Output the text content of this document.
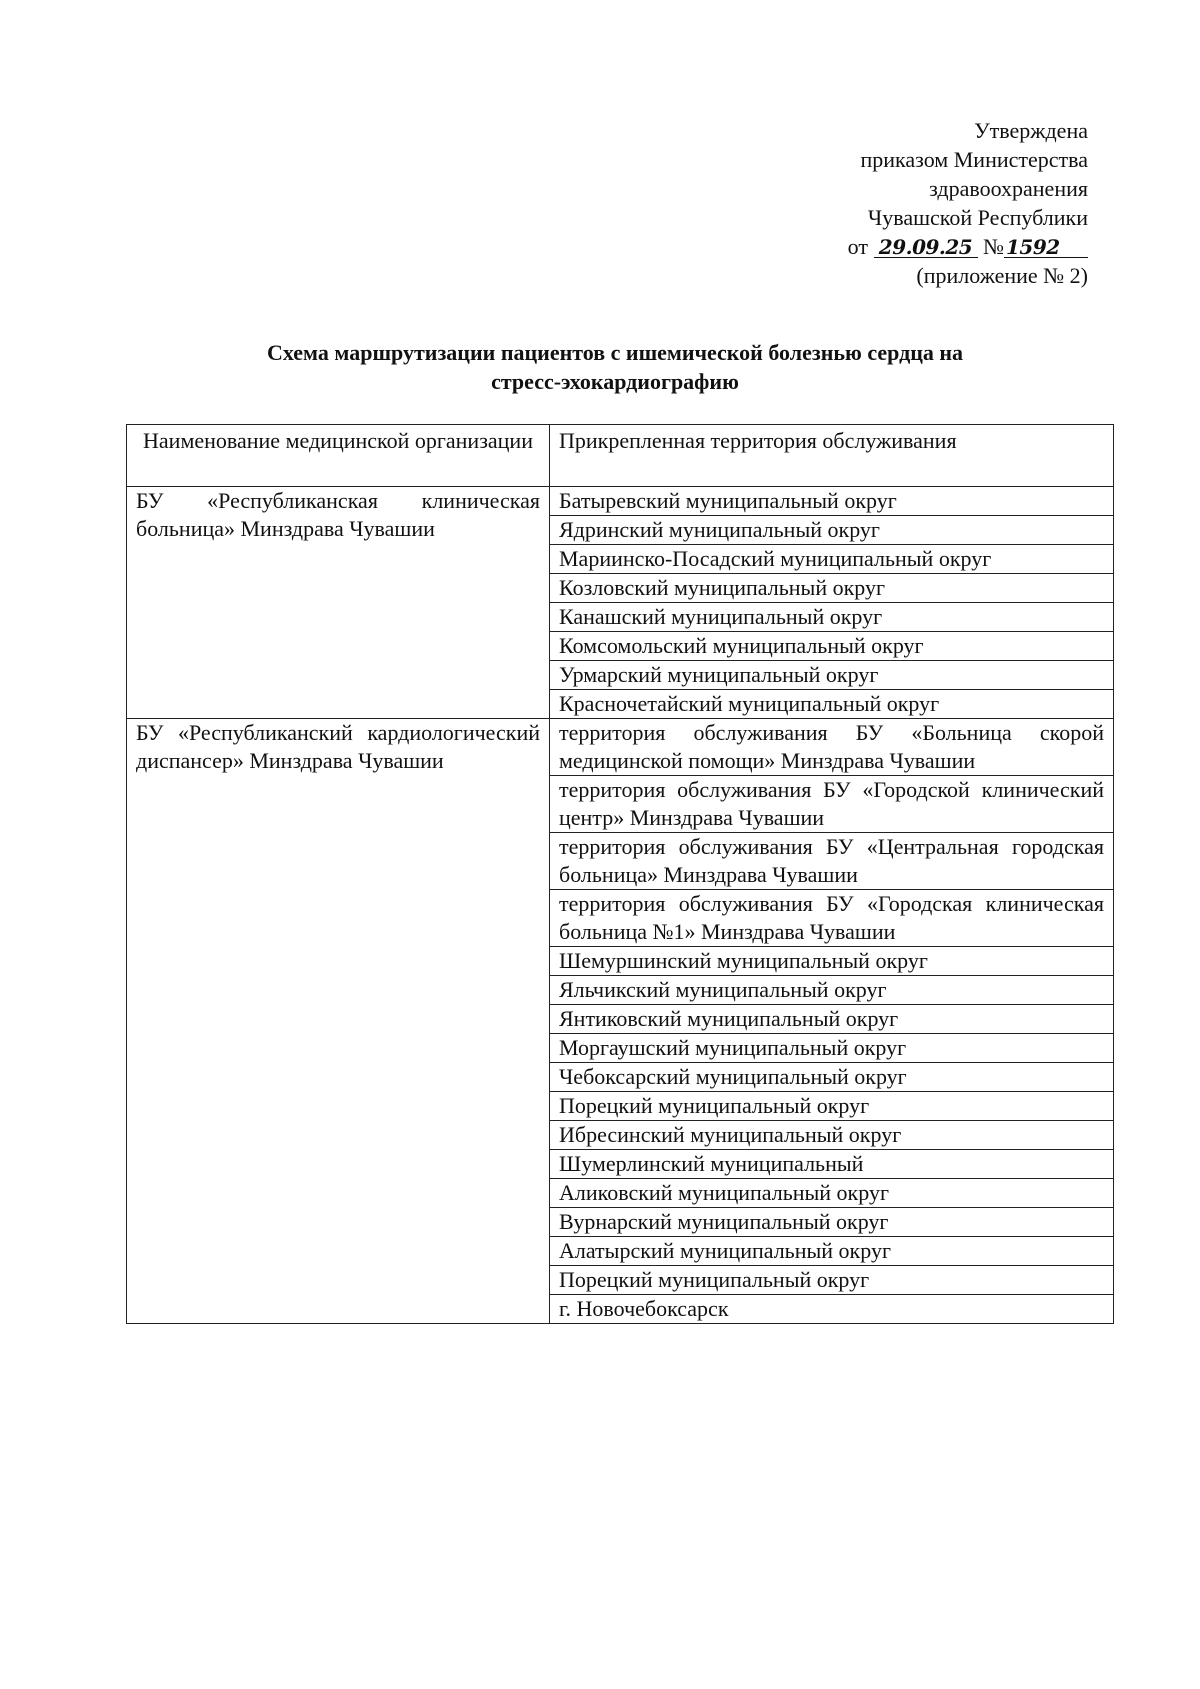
Утверждена
приказом Министерства
здравоохранения
Чувашской Республики
от 29.09.25 № 1592
(приложение № 2)
Схема маршрутизации пациентов с ишемической болезнью сердца на
стресс-эхокардиографию
Наименование медицинской организации	Прикрепленная территория обслуживания
БУ «Республиканская клиническая больница» Минздрава Чувашии	Батыревский муниципальный округ
	Ядринский муниципальный округ
	Мариинско-Посадский муниципальный округ
	Козловский муниципальный округ
	Канашский муниципальный округ
	Комсомольский муниципальный округ
	Урмарский муниципальный округ
	Красночетайский муниципальный округ
БУ «Республиканский кардиологический диспансер» Минздрава Чувашии	территория обслуживания БУ «Больница скорой медицинской помощи» Минздрава Чувашии
	территория обслуживания БУ «Городской клинический центр» Минздрава Чувашии
	территория обслуживания БУ «Центральная городская больница» Минздрава Чувашии
	территория обслуживания БУ «Городская клиническая больница №1» Минздрава Чувашии
	Шемуршинский муниципальный округ
	Яльчикский муниципальный округ
	Янтиковский муниципальный округ
	Моргаушский муниципальный округ
	Чебоксарский муниципальный округ
	Порецкий муниципальный округ
	Ибресинский муниципальный округ
	Шумерлинский муниципальный
	Аликовский муниципальный округ
	Вурнарский муниципальный округ
	Алатырский муниципальный округ
	Порецкий муниципальный округ
	г. Новочебоксарск
